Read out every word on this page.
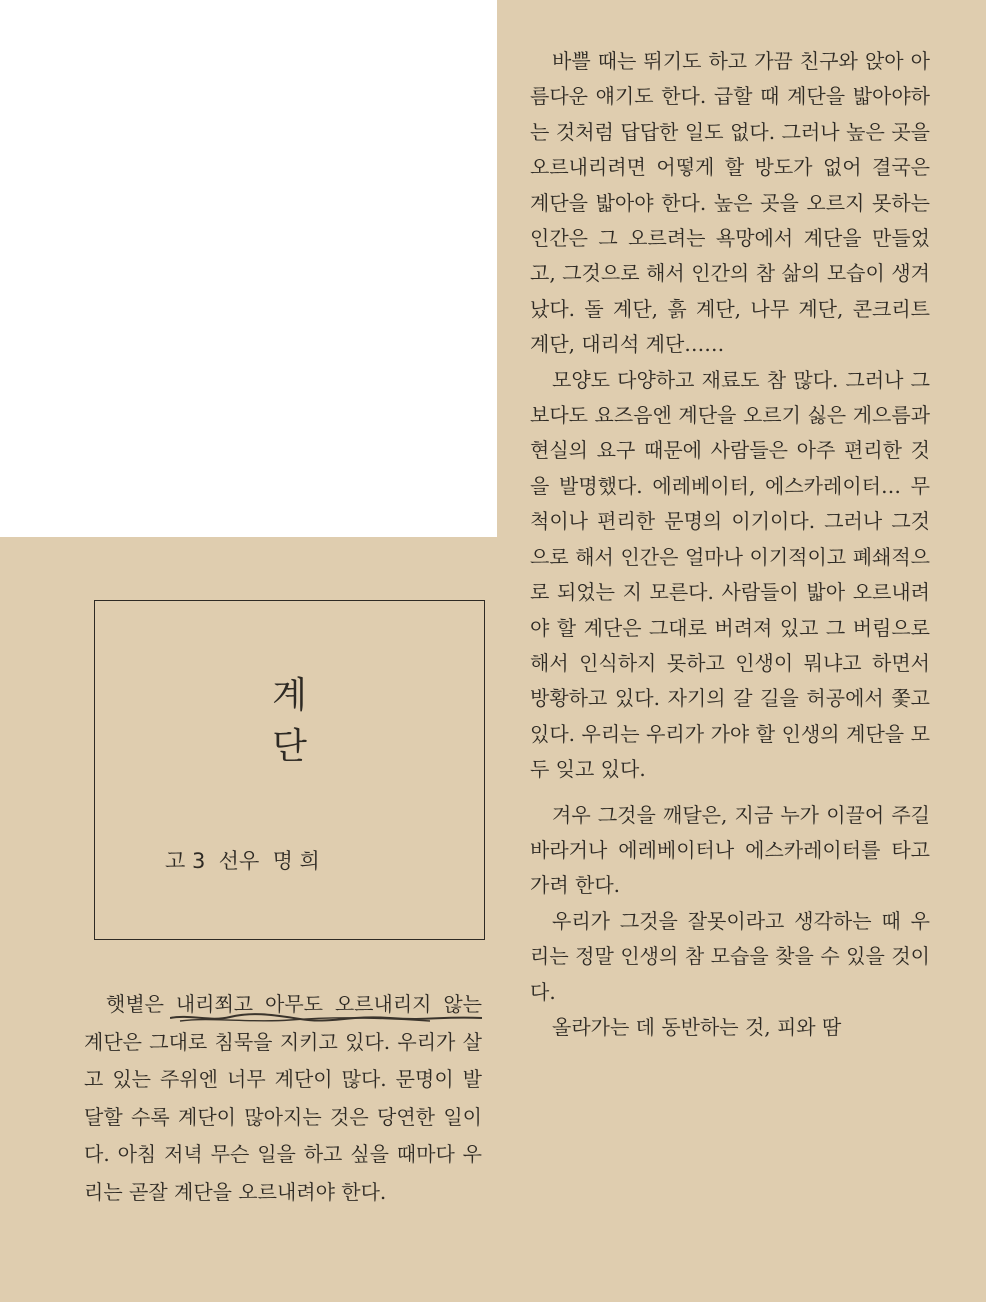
바쁠 때는 뛰기도 하고 가끔 친구와 앉아 아름다운 얘기도 한다. 급할 때 계단을 밟아야하는 것처럼 답답한 일도 없다. 그러나 높은 곳을 오르내리려면 어떻게 할 방도가 없어 결국은 계단을 밟아야 한다. 높은 곳을 오르지 못하는 인간은 그 오르려는 욕망에서 계단을 만들었고, 그것으로 해서 인간의 참 삶의 모습이 생겨났다. 돌 계단, 흙 계단, 나무 계단, 콘크리트 계단, 대리석 계단……

모양도 다양하고 재료도 참 많다. 그러나 그 보다도 요즈음엔 계단을 오르기 싫은 게으름과 현실의 요구 때문에 사람들은 아주 편리한 것을 발명했다. 에레베이터, 에스카레이터… 무척이나 편리한 문명의 이기이다. 그러나 그것으로 해서 인간은 얼마나 이기적이고 폐쇄적으로 되었는 지 모른다. 사람들이 밟아 오르내려야 할 계단은 그대로 버려져 있고 그 버림으로 해서 인식하지 못하고 인생이 뭐냐고 하면서 방황하고 있다. 자기의 갈 길을 허공에서 쫓고 있다. 우리는 우리가 가야 할 인생의 계단을 모두 잊고 있다.

겨우 그것을 깨달은, 지금 누가 이끌어 주길 바라거나 에레베이터나 에스카레이터를 타고 가려 한다.

우리가 그것을 잘못이라고 생각하는 때 우리는 정말 인생의 참 모습을 찾을 수 있을 것이다.

올라가는 데 동반하는 것, 피와 땀

계 단
고 3  선우  명 희

햇볕은 내리쬐고 아무도 오르내리지 않는 계단은 그대로 침묵을 지키고 있다. 우리가 살고 있는 주위엔 너무 계단이 많다. 문명이 발달할 수록 계단이 많아지는 것은 당연한 일이다. 아침 저녁 무슨 일을 하고 싶을 때마다 우리는 곧잘 계단을 오르내려야 한다.
